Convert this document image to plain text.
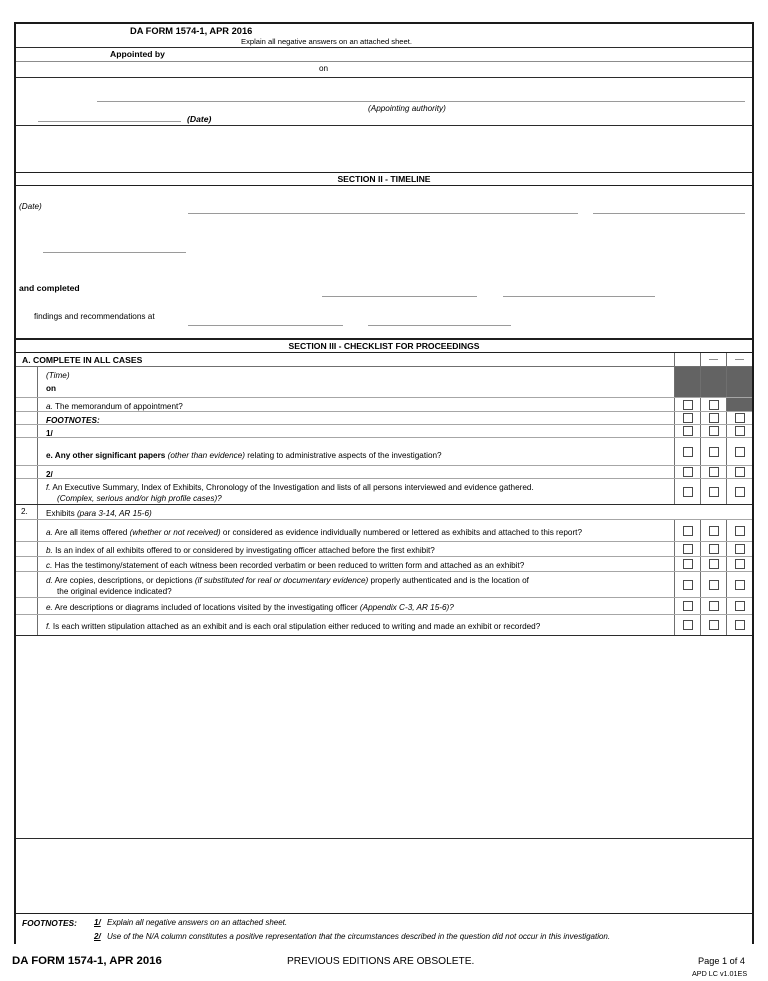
DA FORM 1574-1, APR 2016
Explain all negative answers on an attached sheet.
Appointed by
on
(Appointing authority)
(Date)
SECTION II - TIMELINE
(Date)
and completed
findings and recommendations at
SECTION III - CHECKLIST FOR PROCEEDINGS
A. COMPLETE IN ALL CASES
(Time)
on
a. The memorandum of appointment?
FOOTNOTES:
1/
e. Any other significant papers (other than evidence) relating to administrative aspects of the investigation?
2/
f. An Executive Summary, Index of Exhibits, Chronology of the Investigation and lists of all persons interviewed and evidence gathered.
(Complex, serious and/or high profile cases)?
2.	Exhibits (para 3-14, AR 15-6)
a. Are all items offered (whether or not received) or considered as evidence individually numbered or lettered as exhibits and attached to this report?
b. Is an index of all exhibits offered to or considered by investigating officer attached before the first exhibit?
c. Has the testimony/statement of each witness been recorded verbatim or been reduced to written form and attached as an exhibit?
d. Are copies, descriptions, or depictions (if substituted for real or documentary evidence) properly authenticated and is the location of
the original evidence indicated?
e. Are descriptions or diagrams included of locations visited by the investigating officer (Appendix C-3, AR 15-6)?
f. Is each written stipulation attached as an exhibit and is each oral stipulation either reduced to writing and made an exhibit or recorded?
FOOTNOTES: 1/ Explain all negative answers on an attached sheet.
2/ Use of the N/A column constitutes a positive representation that the circumstances described in the question did not occur in this investigation.
DA FORM 1574-1, APR 2016	PREVIOUS EDITIONS ARE OBSOLETE.	Page 1 of 4
APD LC v1.01ES
